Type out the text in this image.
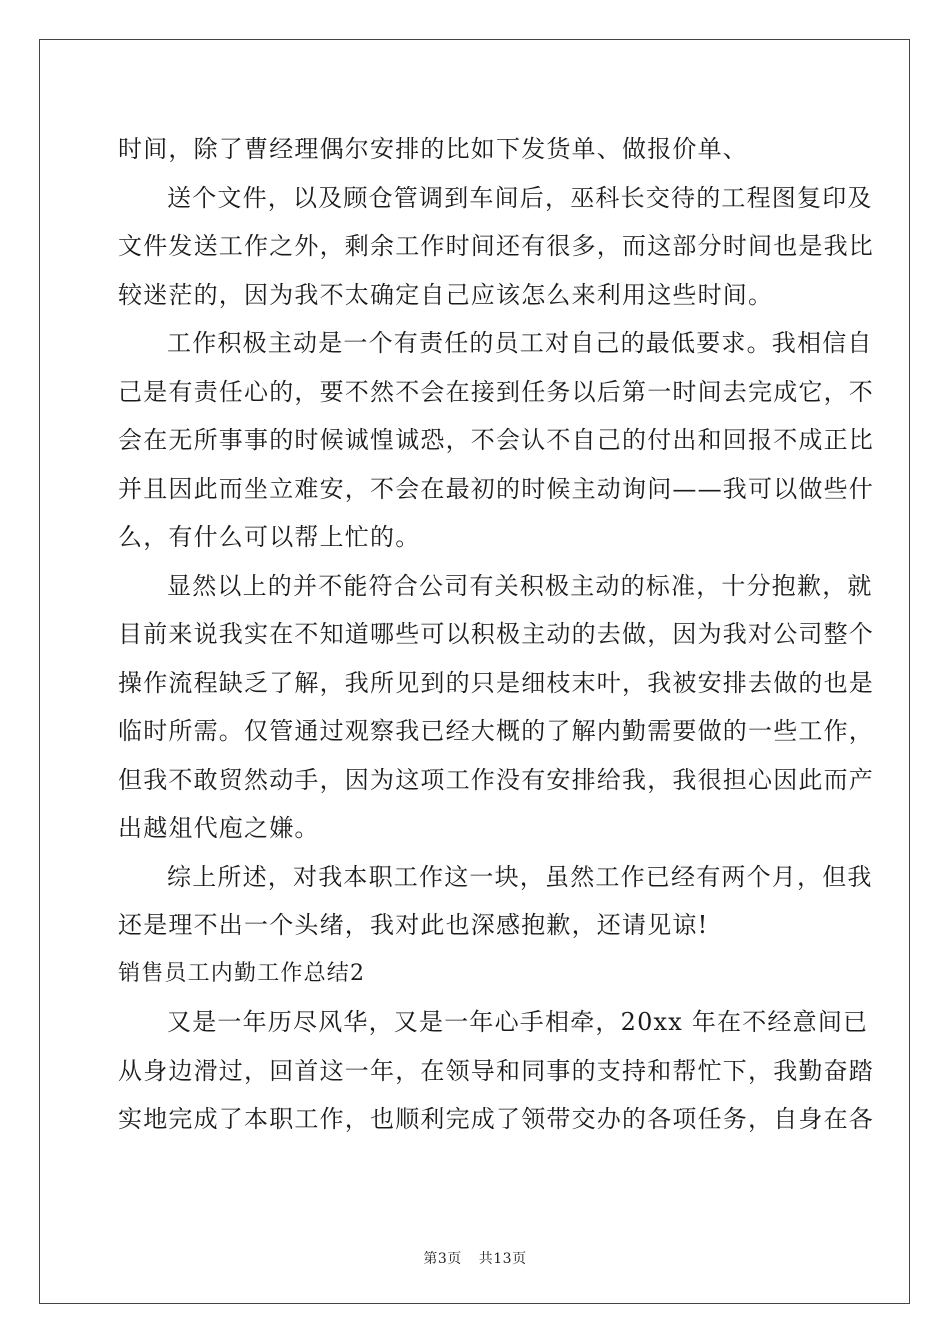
时间，除了曹经理偶尔安排的比如下发货单、做报价单、
送个文件，以及顾仓管调到车间后，巫科长交待的工程图复印及
文件发送工作之外，剩余工作时间还有很多，而这部分时间也是我比
较迷茫的，因为我不太确定自己应该怎么来利用这些时间。
工作积极主动是一个有责任的员工对自己的最低要求。我相信自
己是有责任心的，要不然不会在接到任务以后第一时间去完成它，不
会在无所事事的时候诚惶诚恐，不会认不自己的付出和回报不成正比
并且因此而坐立难安，不会在最初的时候主动询问——我可以做些什
么，有什么可以帮上忙的。
显然以上的并不能符合公司有关积极主动的标准，十分抱歉，就
目前来说我实在不知道哪些可以积极主动的去做，因为我对公司整个
操作流程缺乏了解，我所见到的只是细枝末叶，我被安排去做的也是
临时所需。仅管通过观察我已经大概的了解内勤需要做的一些工作，
但我不敢贸然动手，因为这项工作没有安排给我，我很担心因此而产
出越俎代庖之嫌。
综上所述，对我本职工作这一块，虽然工作已经有两个月，但我
还是理不出一个头绪，我对此也深感抱歉，还请见谅!
销售员工内勤工作总结2
又是一年历尽风华，又是一年心手相牵，20xx 年在不经意间已
从身边滑过，回首这一年，在领导和同事的支持和帮忙下，我勤奋踏
实地完成了本职工作，也顺利完成了领带交办的各项任务，自身在各
第3页 共13页
